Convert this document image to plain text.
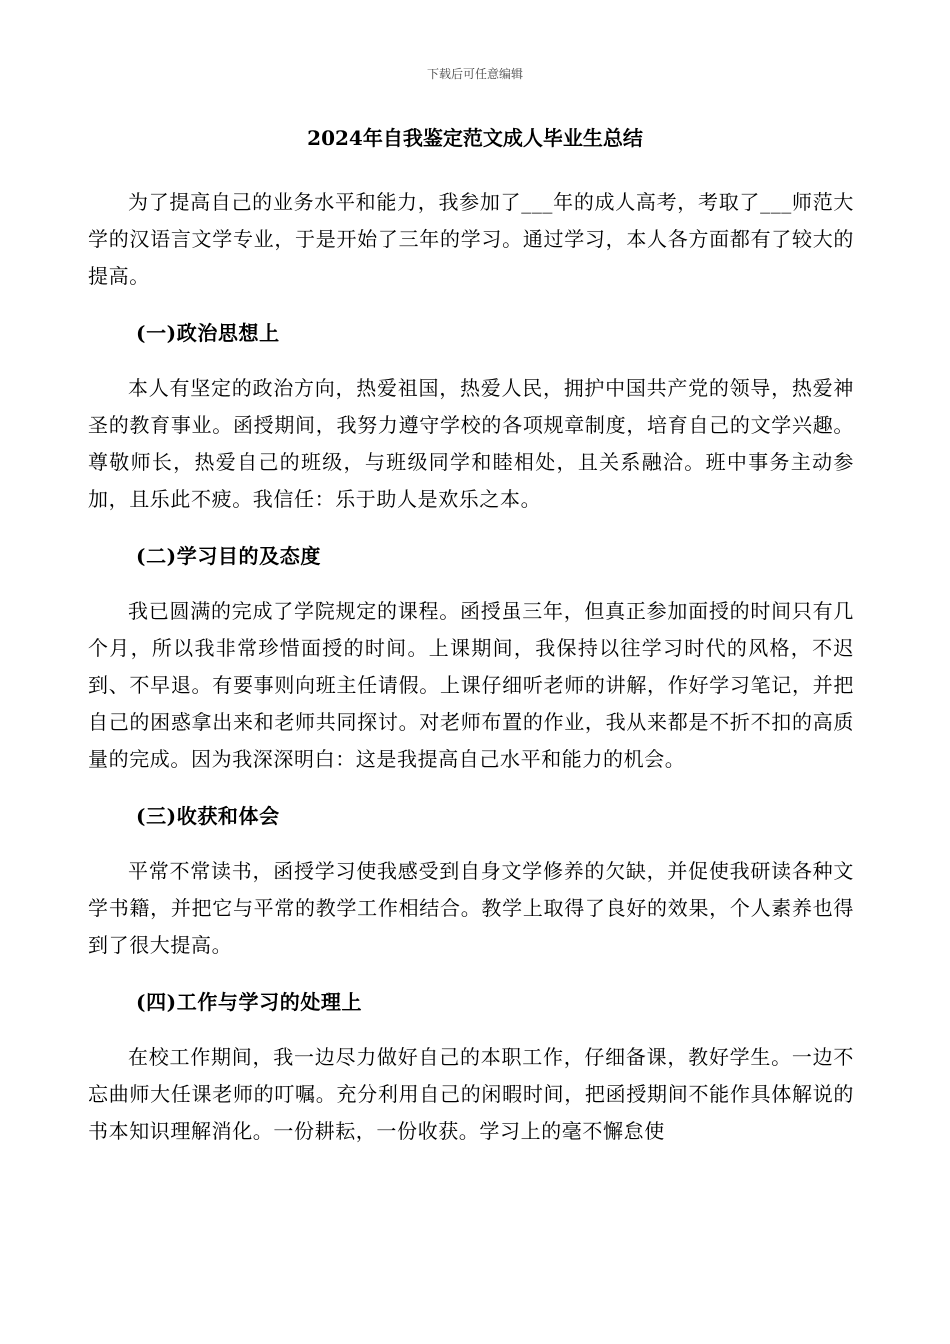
下载后可任意编辑
2024年自我鉴定范文成人毕业生总结

为了提高自己的业务水平和能力，我参加了___年的成人高考，考取了___师范大学的汉语言文学专业，于是开始了三年的学习。通过学习，本人各方面都有了较大的提高。

(一)政治思想上

本人有坚定的政治方向，热爱祖国，热爱人民，拥护中国共产党的领导，热爱神圣的教育事业。函授期间，我努力遵守学校的各项规章制度，培育自己的文学兴趣。尊敬师长，热爱自己的班级，与班级同学和睦相处，且关系融洽。班中事务主动参加，且乐此不疲。我信任：乐于助人是欢乐之本。

(二)学习目的及态度

我已圆满的完成了学院规定的课程。函授虽三年，但真正参加面授的时间只有几个月，所以我非常珍惜面授的时间。上课期间，我保持以往学习时代的风格，不迟到、不早退。有要事则向班主任请假。上课仔细听老师的讲解，作好学习笔记，并把自己的困惑拿出来和老师共同探讨。对老师布置的作业，我从来都是不折不扣的高质量的完成。因为我深深明白：这是我提高自己水平和能力的机会。

(三)收获和体会

平常不常读书，函授学习使我感受到自身文学修养的欠缺，并促使我研读各种文学书籍，并把它与平常的教学工作相结合。教学上取得了良好的效果，个人素养也得到了很大提高。

(四)工作与学习的处理上

在校工作期间，我一边尽力做好自己的本职工作，仔细备课，教好学生。一边不忘曲师大任课老师的叮嘱。充分利用自己的闲暇时间，把函授期间不能作具体解说的书本知识理解消化。一份耕耘，一份收获。学习上的毫不懈怠使
